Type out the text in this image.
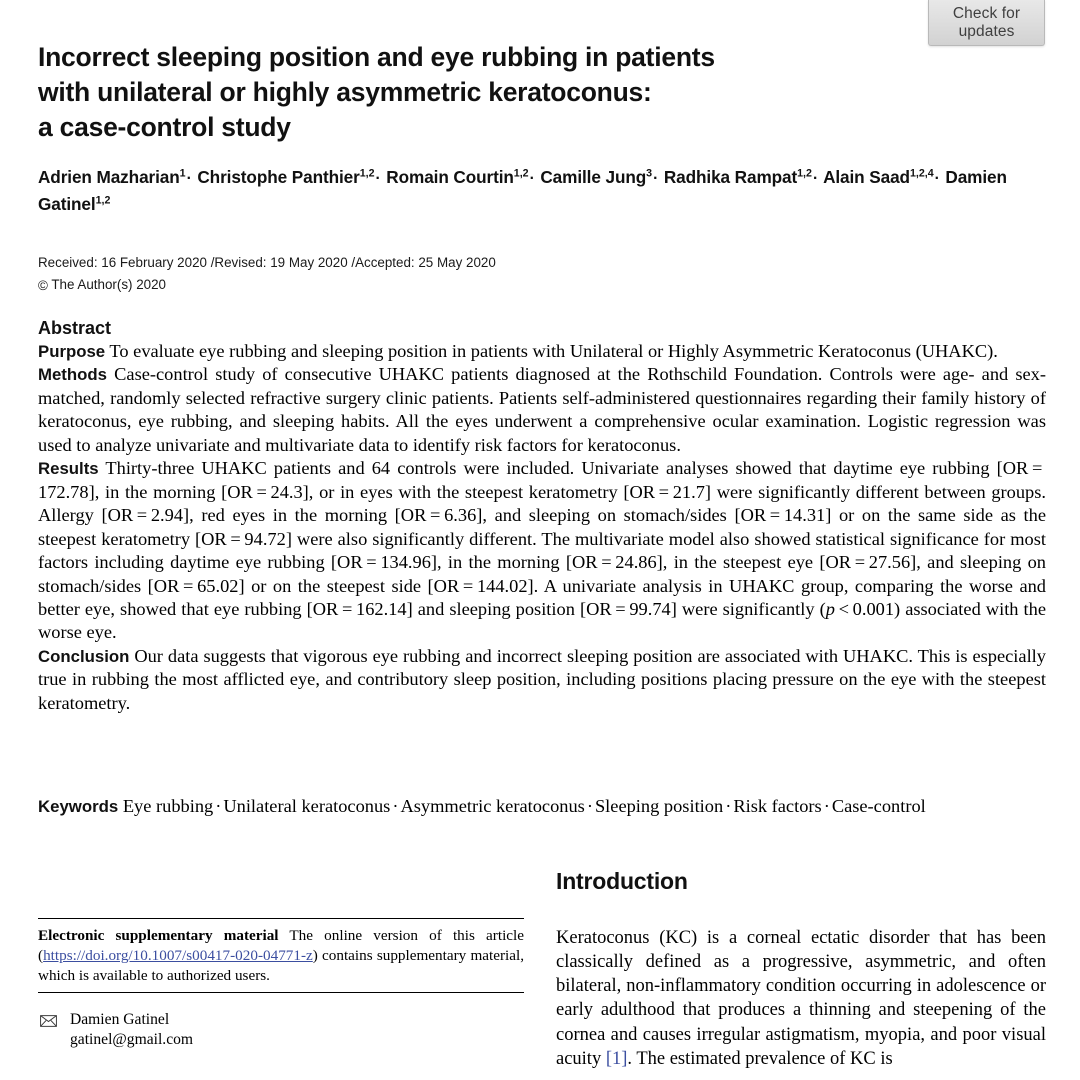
Check for
updates
Incorrect sleeping position and eye rubbing in patients
with unilateral or highly asymmetric keratoconus:
a case-control study
Adrien Mazharian$^1$· Christophe Panthier$^{1,2}$· Romain Courtin$^{1,2}$· Camille Jung$^3$· Radhika Rampat$^{1,2}$· Alain Saad$^{1,2,4}$· Damien Gatinel$^{1,2}$
Received: 16 February 2020 /Revised: 19 May 2020 /Accepted: 25 May 2020
© The Author(s) 2020
Abstract

Purpose To evaluate eye rubbing and sleeping position in patients with Unilateral or Highly Asymmetric Keratoconus (UHAKC).

Methods Case-control study of consecutive UHAKC patients diagnosed at the Rothschild Foundation. Controls were age- and sex-matched, randomly selected refractive surgery clinic patients. Patients self-administered questionnaires regarding their family history of keratoconus, eye rubbing, and sleeping habits. All the eyes underwent a comprehensive ocular examination. Logistic regression was used to analyze univariate and multivariate data to identify risk factors for keratoconus.

Results Thirty-three UHAKC patients and 64 controls were included. Univariate analyses showed that daytime eye rubbing [OR = 172.78], in the morning [OR = 24.3], or in eyes with the steepest keratometry [OR = 21.7] were significantly different between groups. Allergy [OR = 2.94], red eyes in the morning [OR = 6.36], and sleeping on stomach/sides [OR = 14.31] or on the same side as the steepest keratometry [OR = 94.72] were also significantly different. The multivariate model also showed statistical significance for most factors including daytime eye rubbing [OR = 134.96], in the morning [OR = 24.86], in the steepest eye [OR = 27.56], and sleeping on stomach/sides [OR = 65.02] or on the steepest side [OR = 144.02]. A univariate analysis in UHAKC group, comparing the worse and better eye, showed that eye rubbing [OR = 162.14] and sleeping position [OR = 99.74] were significantly (p < 0.001) associated with the worse eye.

Conclusion Our data suggests that vigorous eye rubbing and incorrect sleeping position are associated with UHAKC. This is especially true in rubbing the most afflicted eye, and contributory sleep position, including positions placing pressure on the eye with the steepest keratometry.

Keywords Eye rubbing · Unilateral keratoconus · Asymmetric keratoconus · Sleeping position · Risk factors · Case-control
Electronic supplementary material The online version of this article (https://doi.org/10.1007/s00417-020-04771-z) contains supplementary material, which is available to authorized users.
Damien Gatinel
gatinel@gmail.com
Introduction

Keratoconus (KC) is a corneal ectatic disorder that has been classically defined as a progressive, asymmetric, and often bilateral, non-inflammatory condition occurring in adolescence or early adulthood that produces a thinning and steepening of the cornea and causes irregular astigmatism, myopia, and poor visual acuity [1]. The estimated prevalence of KC is
